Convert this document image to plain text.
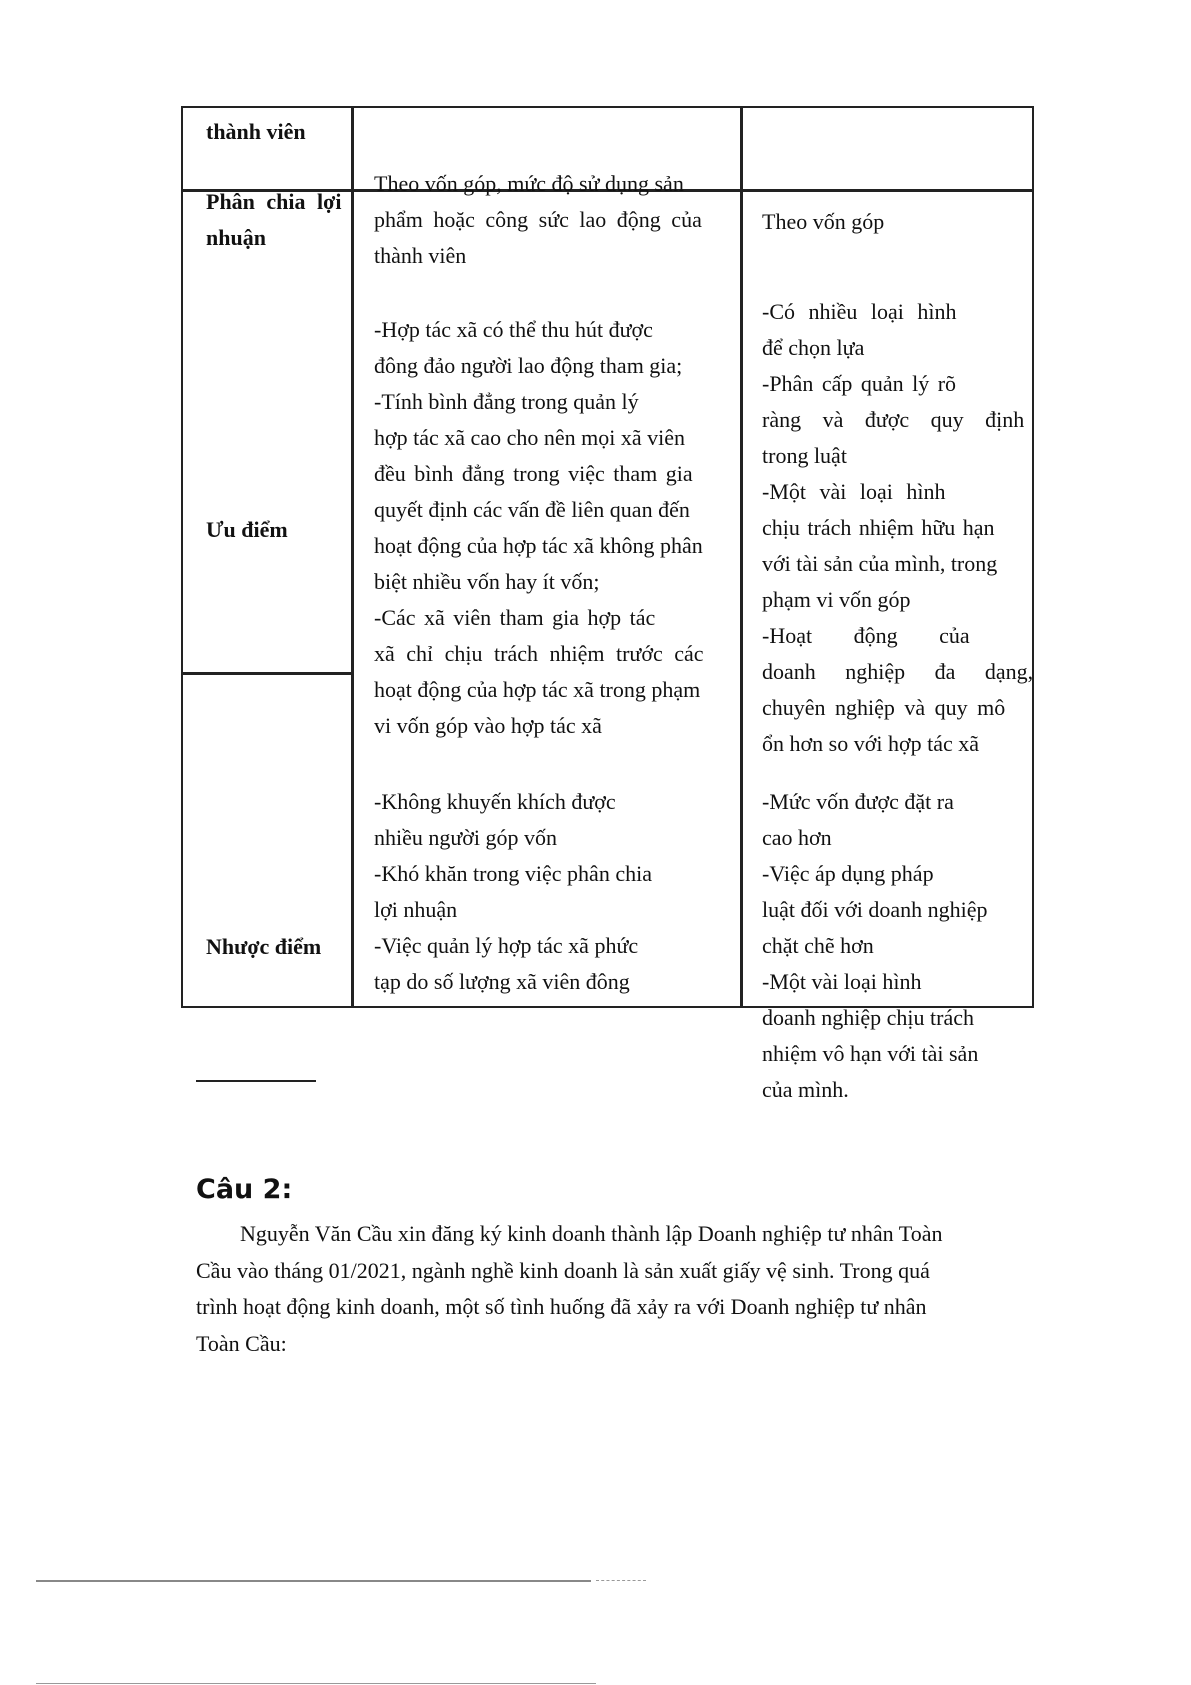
thành viên
Phân chia lợi
nhuận
Theo vốn góp, mức độ sử dụng sản
phẩm hoặc công sức lao động của
thành viên
Theo vốn góp
Ưu điểm
-Hợp tác xã có thể thu hút được
đông đảo người lao động tham gia;
-Tính bình đẳng trong quản lý
hợp tác xã cao cho nên mọi xã viên
đều bình đẳng trong việc tham gia
quyết định các vấn đề liên quan đến
hoạt động của hợp tác xã không phân
biệt nhiều vốn hay ít vốn;
-Các xã viên tham gia hợp tác
xã chỉ chịu trách nhiệm trước các
hoạt động của hợp tác xã trong phạm
vi vốn góp vào hợp tác xã
-Có nhiều loại hình
để chọn lựa
-Phân cấp quản lý rõ
ràng và được quy định
trong luật
-Một vài loại hình
chịu trách nhiệm hữu hạn
với tài sản của mình, trong
phạm vi vốn góp
-Hoạt động của
doanh nghiệp đa dạng,
chuyên nghiệp và quy mô
ổn hơn so với hợp tác xã
Nhược điểm
-Không khuyến khích được
nhiều người góp vốn
-Khó khăn trong việc phân chia
lợi nhuận
-Việc quản lý hợp tác xã phức
tạp do số lượng xã viên đông
-Mức vốn được đặt ra
cao hơn
-Việc áp dụng pháp
luật đối với doanh nghiệp
chặt chẽ hơn
-Một vài loại hình
doanh nghiệp chịu trách
nhiệm vô hạn với tài sản
của mình.
Câu 2:
Nguyễn Văn Cầu xin đăng ký kinh doanh thành lập Doanh nghiệp tư nhân Toàn
Cầu vào tháng 01/2021, ngành nghề kinh doanh là sản xuất giấy vệ sinh. Trong quá
trình hoạt động kinh doanh, một số tình huống đã xảy ra với Doanh nghiệp tư nhân
Toàn Cầu:
